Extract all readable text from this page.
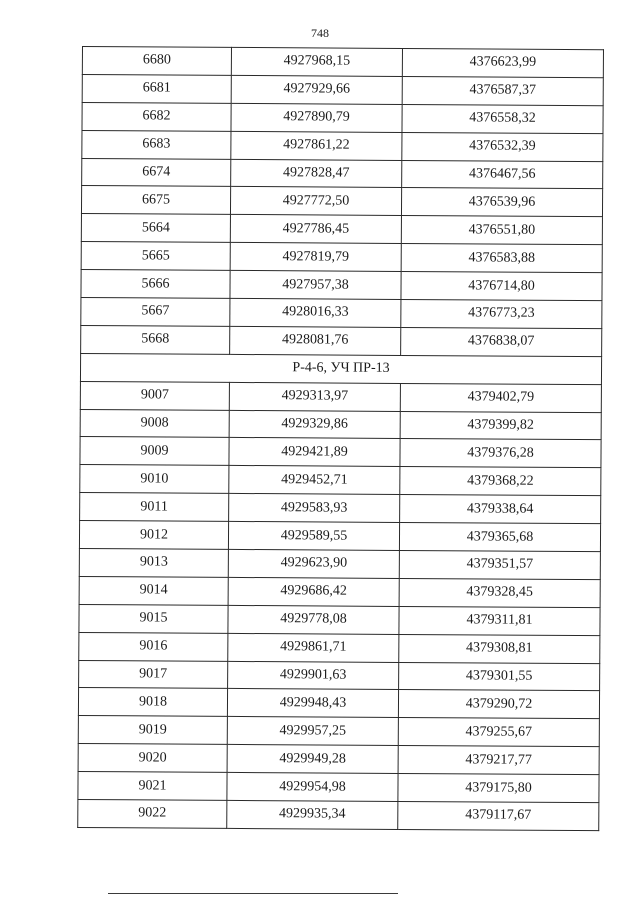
748
6680	4927968,15	4376623,99
6681	4927929,66	4376587,37
6682	4927890,79	4376558,32
6683	4927861,22	4376532,39
6674	4927828,47	4376467,56
6675	4927772,50	4376539,96
5664	4927786,45	4376551,80
5665	4927819,79	4376583,88
5666	4927957,38	4376714,80
5667	4928016,33	4376773,23
5668	4928081,76	4376838,07
Р-4-6, УЧ ПР-13		
9007	4929313,97	4379402,79
9008	4929329,86	4379399,82
9009	4929421,89	4379376,28
9010	4929452,71	4379368,22
9011	4929583,93	4379338,64
9012	4929589,55	4379365,68
9013	4929623,90	4379351,57
9014	4929686,42	4379328,45
9015	4929778,08	4379311,81
9016	4929861,71	4379308,81
9017	4929901,63	4379301,55
9018	4929948,43	4379290,72
9019	4929957,25	4379255,67
9020	4929949,28	4379217,77
9021	4929954,98	4379175,80
9022	4929935,34	4379117,67
